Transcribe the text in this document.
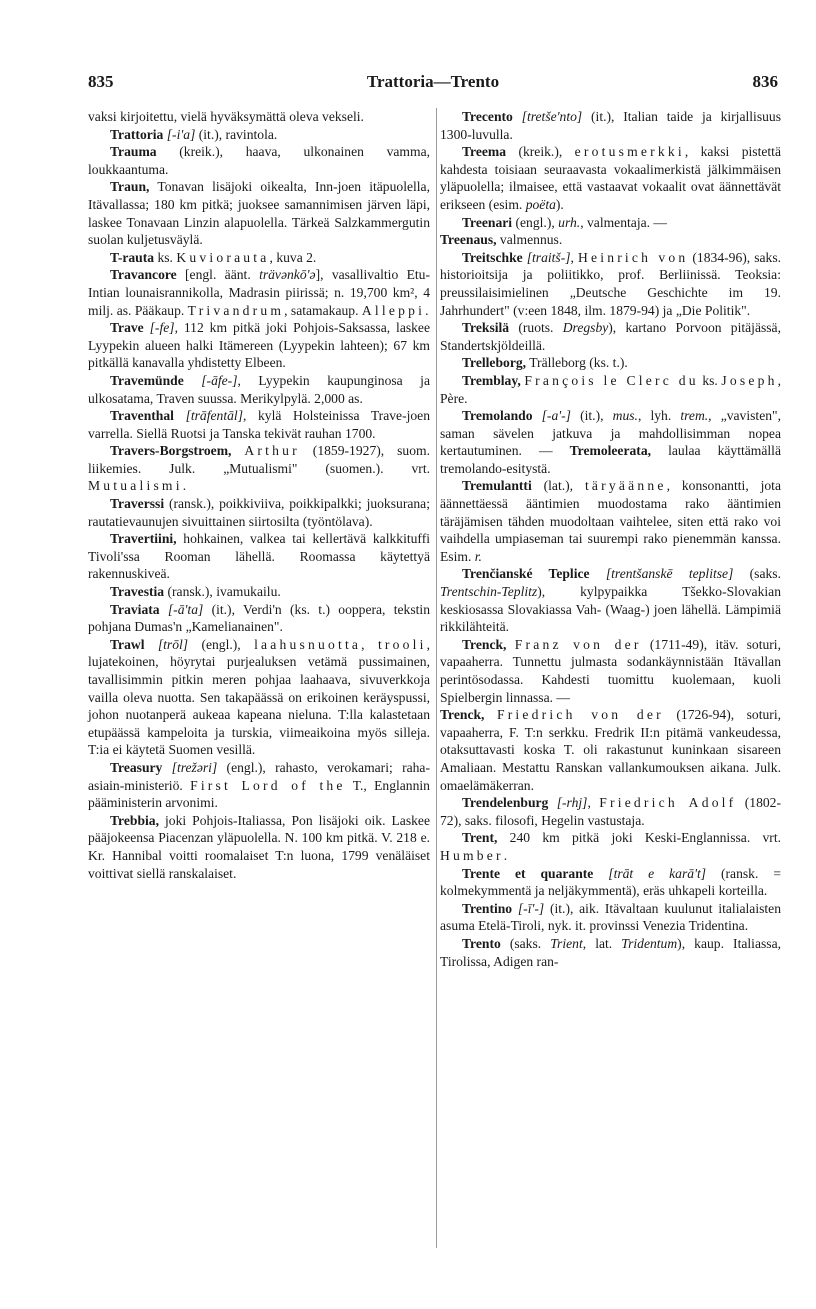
835	Trattoria—Trento	836

vaksi kirjoitettu, vielä hyväksymättä oleva vekseli.

Trattoria [-i'a] (it.), ravintola.

Trauma (kreik.), haava, ulkonainen vamma, loukkaantuma.

Traun, Tonavan lisäjoki oikealta, Inn-joen itäpuolella, Itävallassa; 180 km pitkä; juoksee samannimisen järven läpi, laskee Tonavaan Linzin alapuolella. Tärkeä Salzkammergutin suolan kuljetusväylä.

T-rauta ks. Kuviorauta, kuva 2.

Travancore [engl. äänt. trävənkō'ə], vasallivaltio Etu-Intian lounaisrannikolla, Madrasin piirissä; n. 19,700 km², 4 milj. as. Pääkaup. Trivandrum, satamakaup. Alleppi.

Trave [-fe], 112 km pitkä joki Pohjois-Saksassa, laskee Lyypekin alueen halki Itämereen (Lyypekin lahteen); 67 km pitkällä kanavalla yhdistetty Elbeen.

Travemünde [-āfe-], Lyypekin kaupunginosa ja ulkosatama, Traven suussa. Merikylpylä. 2,000 as.

Traventhal [trāfentāl], kylä Holsteinissa Trave-joen varrella. Siellä Ruotsi ja Tanska tekivät rauhan 1700.

Travers-Borgstroem, Arthur (1859-1927), suom. liikemies. Julk. „Mutualismi" (suomen.). vrt. Mutualismi.

Traverssi (ransk.), poikkiviiva, poikkipalkki; juoksurana; rautatievaunujen sivuittainen siirtosilta (työntölava).

Travertiini, hohkainen, valkea tai kellertävä kalkkituffi Tivoli'ssa Rooman lähellä. Roomassa käytettyä rakennuskiveä.

Travestia (ransk.), ivamukailu.

Traviata [-ā'ta] (it.), Verdi'n (ks. t.) ooppera, tekstin pohjana Dumas'n „Kamelianainen".

Trawl [trōl] (engl.), laahusnuotta, trooli, lujatekoinen, höyrytai purjealuksen vetämä pussimainen, tavallisimmin pitkin meren pohjaa laahaava, sivuverkkoja vailla oleva nuotta. Sen takapäässä on erikoinen keräyspussi, johon nuotanperä aukeaa kapeana nieluna. T:lla kalastetaan etupäässä kampeloita ja turskia, viimeaikoina myös silleja. T:ia ei käytetä Suomen vesillä.

Treasury [trežəri] (engl.), rahasto, verokamari; raha-asiain-ministeriö. First Lord of the T., Englannin pääministerin arvonimi.

Trebbia, joki Pohjois-Italiassa, Pon lisäjoki oik. Laskee pääjokeensa Piacenzan yläpuolella. N. 100 km pitkä. V. 218 e. Kr. Hannibal voitti roomalaiset T:n luona, 1799 venäläiset voittivat siellä ranskalaiset.

Trecento [tretše'nto] (it.), Italian taide ja kirjallisuus 1300-luvulla.

Treema (kreik.), erotusmerkki, kaksi pistettä kahdesta toisiaan seuraavasta vokaalimerkistä jälkimmäisen yläpuolella; ilmaisee, että vastaavat vokaalit ovat äännettävät erikseen (esim. poëta).

Treenari (engl.), urh., valmentaja. —

Treenaus, valmennus.

Treitschke [traitš-], Heinrich von (1834-96), saks. historioitsija ja poliitikko, prof. Berliinissä. Teoksia: preussilaisimielinen „Deutsche Geschichte im 19. Jahrhundert" (v:een 1848, ilm. 1879-94) ja „Die Politik".

Treksilä (ruots. Dregsby), kartano Porvoon pitäjässä, Standertskjöldeillä.

Trelleborg, Trälleborg (ks. t.).

Tremblay, François le Clerc du ks. Joseph, Père.

Tremolando [-a'-] (it.), mus., lyh. trem., „vavisten", saman sävelen jatkuva ja mahdollisimman nopea kertautuminen. — Tremoleerata, laulaa käyttämällä tremolando-esitystä.

Tremulantti (lat.), täryäänne, konsonantti, jota äännettäessä ääntimien muodostama rako ääntimien täräjämisen tähden muodoltaan vaihtelee, siten että rako voi vaihdella umpiaseman tai suurempi rako pienemmän kanssa. Esim. r.

Trenčianské Teplice [trentšanskē teplitse] (saks. Trentschin-Teplitz), kylpypaikka Tšekko-Slovakian keskiosassa Slovakiassa Vah- (Waag-) joen lähellä. Lämpimiä rikkilähteitä.

Trenck, Franz von der (1711-49), itäv. soturi, vapaaherra. Tunnettu julmasta sodankäynnistään Itävallan perintösodassa. Kahdesti tuomittu kuolemaan, kuoli Spielbergin linnassa. —

Trenck, Friedrich von der (1726-94), soturi, vapaaherra, F. T:n serkku. Fredrik II:n pitämä vankeudessa, otaksuttavasti koska T. oli rakastunut kuninkaan sisareen Amaliaan. Mestattu Ranskan vallankumouksen aikana. Julk. omaelämäkerran.

Trendelenburg [-rhj], Friedrich Adolf (1802-72), saks. filosofi, Hegelin vastustaja.

Trent, 240 km pitkä joki Keski-Englannissa. vrt. Humber.

Trente et quarante [trāt e karā't] (ransk. = kolmekymmentä ja neljäkymmentä), eräs uhkapeli korteilla.

Trentino [-ī'-] (it.), aik. Itävaltaan kuulunut italialaisten asuma Etelä-Tiroli, nyk. it. provinssi Venezia Tridentina.

Trento (saks. Trient, lat. Tridentum), kaup. Italiassa, Tirolissa, Adigen ran-
